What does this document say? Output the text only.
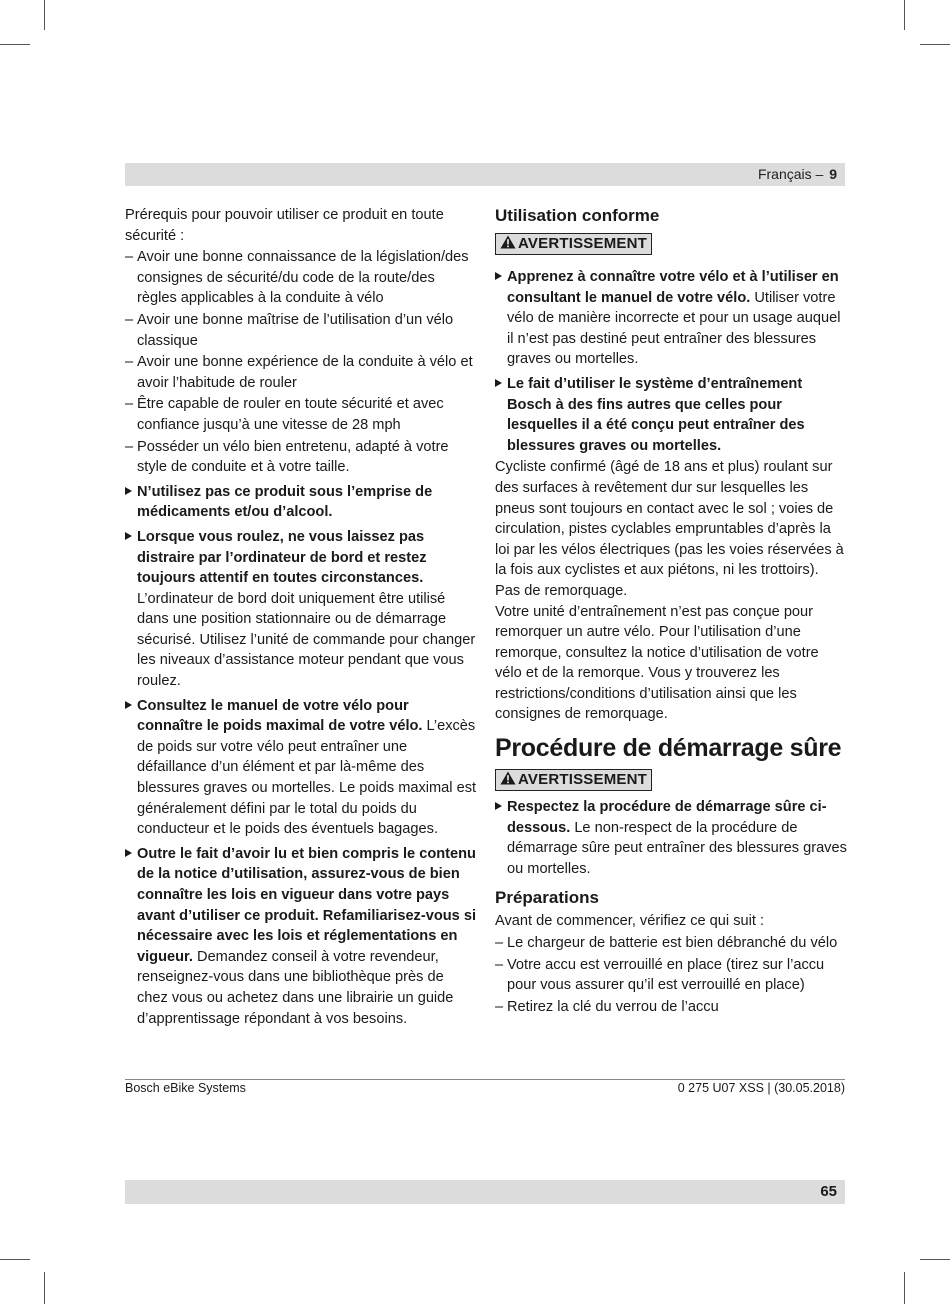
Français – 9

Prérequis pour pouvoir utiliser ce produit en toute sécurité :

– Avoir une bonne connaissance de la législation/des consignes de sécurité/du code de la route/des règles applicables à la conduite à vélo

– Avoir une bonne maîtrise de l’utilisation d’un vélo classique

– Avoir une bonne expérience de la conduite à vélo et avoir l’habitude de rouler

– Être capable de rouler en toute sécurité et avec confiance jusqu’à une vitesse de 28 mph

– Posséder un vélo bien entretenu, adapté à votre style de conduite et à votre taille.

N’utilisez pas ce produit sous l’emprise de médicaments et/ou d’alcool.

Lorsque vous roulez, ne vous laissez pas distraire par l’ordinateur de bord et restez toujours attentif en toutes circonstances. L’ordinateur de bord doit uniquement être utilisé dans une position stationnaire ou de démarrage sécurisé. Utilisez l’unité de commande pour changer les niveaux d’assistance moteur pendant que vous roulez.

Consultez le manuel de votre vélo pour connaître le poids maximal de votre vélo. L’excès de poids sur votre vélo peut entraîner une défaillance d’un élément et par là-même des blessures graves ou mortelles. Le poids maximal est généralement défini par le total du poids du conducteur et le poids des éventuels bagages.

Outre le fait d’avoir lu et bien compris le contenu de la notice d’utilisation, assurez-vous de bien connaître les lois en vigueur dans votre pays avant d’utiliser ce produit. Refamiliarisez-vous si nécessaire avec les lois et réglementations en vigueur. Demandez conseil à votre revendeur, renseignez-vous dans une bibliothèque près de chez vous ou achetez dans une librairie un guide d’apprentissage répondant à vos besoins.

Utilisation conforme
AVERTISSEMENT

Apprenez à connaître votre vélo et à l’utiliser en consultant le manuel de votre vélo. Utiliser votre vélo de manière incorrecte et pour un usage auquel il n’est pas destiné peut entraîner des blessures graves ou mortelles.

Le fait d’utiliser le système d’entraînement Bosch à des fins autres que celles pour lesquelles il a été conçu peut entraîner des blessures graves ou mortelles.

Cycliste confirmé (âgé de 18 ans et plus) roulant sur des surfaces à revêtement dur sur lesquelles les pneus sont toujours en contact avec le sol ; voies de circulation, pistes cyclables empruntables d’après la loi par les vélos électriques (pas les voies réservées à la fois aux cyclistes et aux piétons, ni les trottoirs). Pas de remorquage.

Votre unité d’entraînement n’est pas conçue pour remorquer un autre vélo. Pour l’utilisation d’une remorque, consultez la notice d’utilisation de votre vélo et de la remorque. Vous y trouverez les restrictions/conditions d’utilisation ainsi que les consignes de remorquage.

Procédure de démarrage sûre
AVERTISSEMENT

Respectez la procédure de démarrage sûre ci-dessous. Le non-respect de la procédure de démarrage sûre peut entraîner des blessures graves ou mortelles.

Préparations

Avant de commencer, vérifiez ce qui suit :

– Le chargeur de batterie est bien débranché du vélo

– Votre accu est verrouillé en place (tirez sur l’accu pour vous assurer qu’il est verrouillé en place)

– Retirez la clé du verrou de l’accu

Bosch eBike Systems	0 275 U07 XSS | (30.05.2018)
65
